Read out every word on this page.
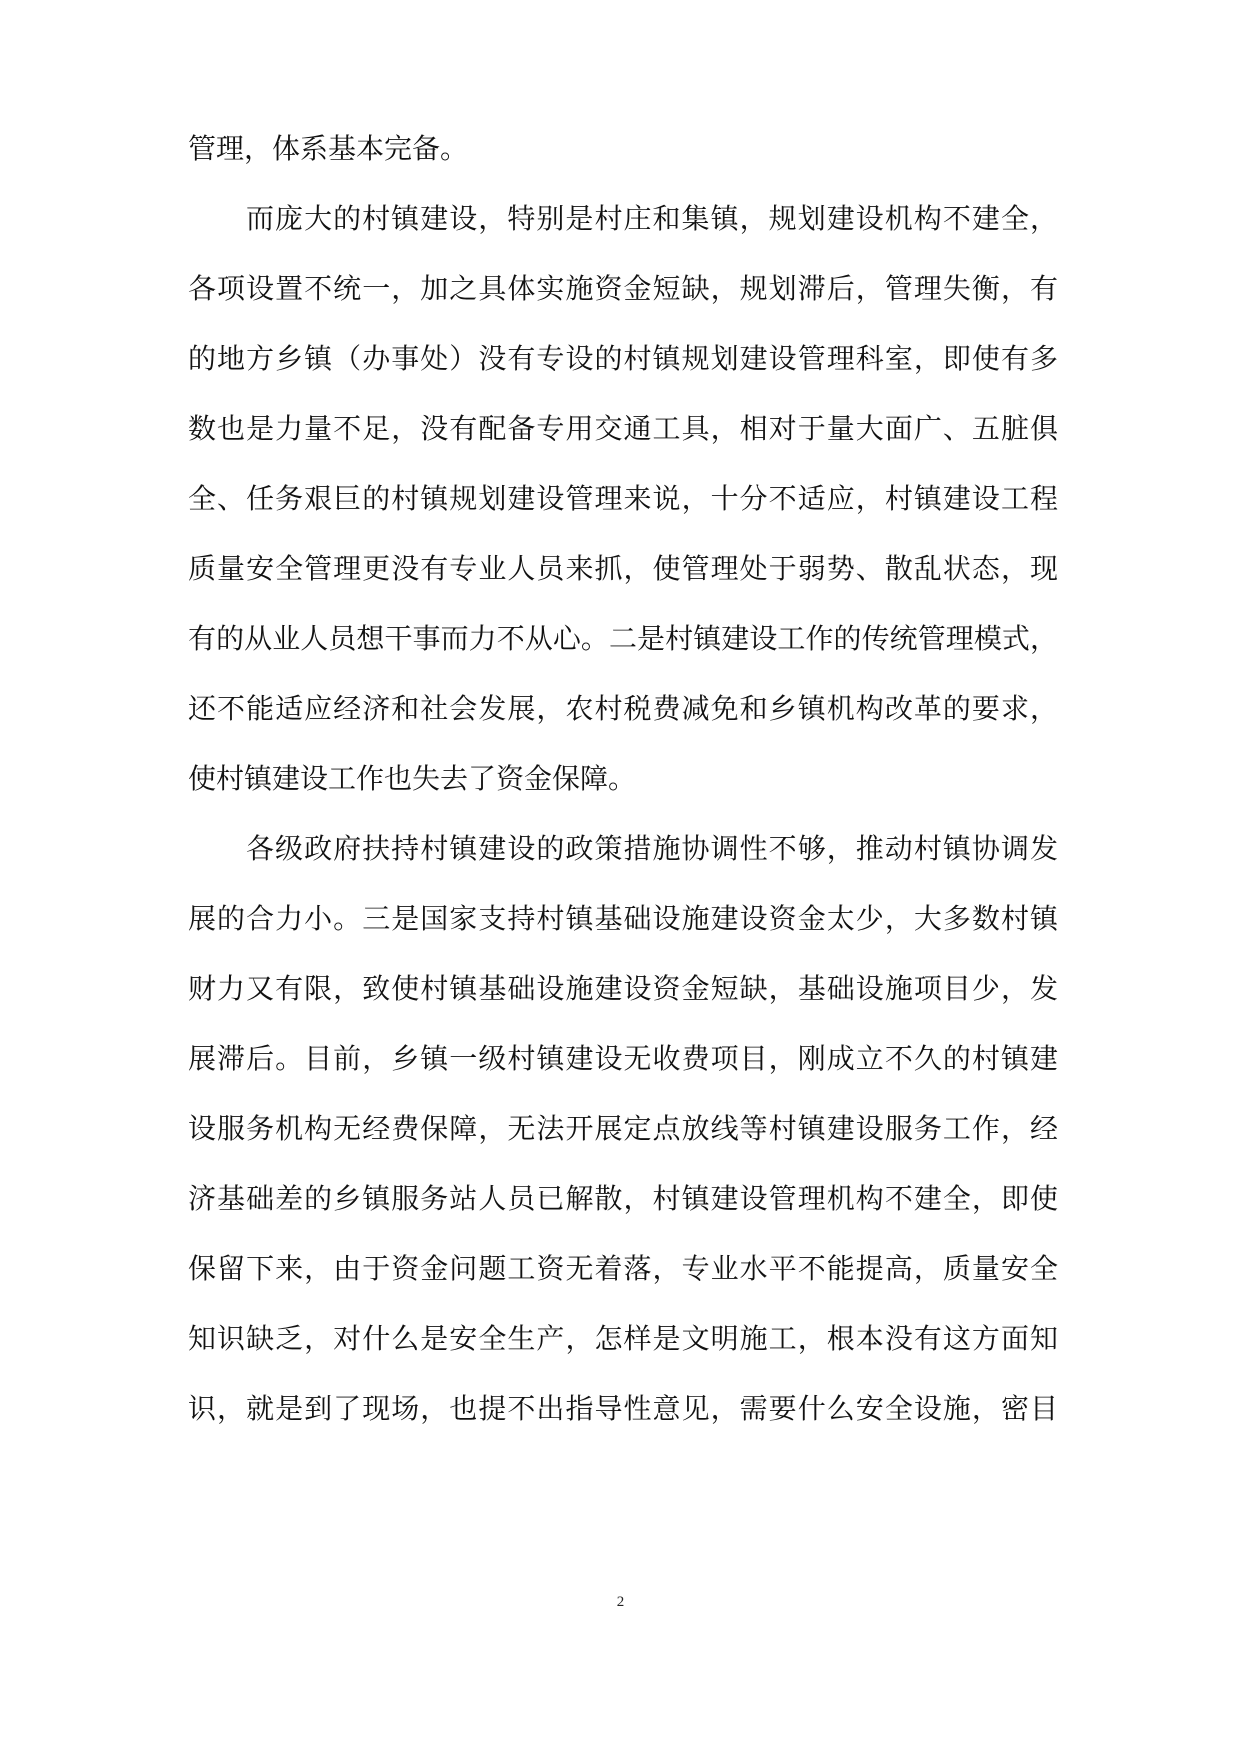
管理，体系基本完备。
而庞大的村镇建设，特别是村庄和集镇，规划建设机构不建全，
各项设置不统一，加之具体实施资金短缺，规划滞后，管理失衡，有
的地方乡镇（办事处）没有专设的村镇规划建设管理科室，即使有多
数也是力量不足，没有配备专用交通工具，相对于量大面广、五脏俱
全、任务艰巨的村镇规划建设管理来说，十分不适应，村镇建设工程
质量安全管理更没有专业人员来抓，使管理处于弱势、散乱状态，现
有的从业人员想干事而力不从心。二是村镇建设工作的传统管理模式，
还不能适应经济和社会发展，农村税费减免和乡镇机构改革的要求，
使村镇建设工作也失去了资金保障。
各级政府扶持村镇建设的政策措施协调性不够，推动村镇协调发
展的合力小。三是国家支持村镇基础设施建设资金太少，大多数村镇
财力又有限，致使村镇基础设施建设资金短缺，基础设施项目少，发
展滞后。目前，乡镇一级村镇建设无收费项目，刚成立不久的村镇建
设服务机构无经费保障，无法开展定点放线等村镇建设服务工作，经
济基础差的乡镇服务站人员已解散，村镇建设管理机构不建全，即使
保留下来，由于资金问题工资无着落，专业水平不能提高，质量安全
知识缺乏，对什么是安全生产，怎样是文明施工，根本没有这方面知
识，就是到了现场，也提不出指导性意见，需要什么安全设施，密目
2
